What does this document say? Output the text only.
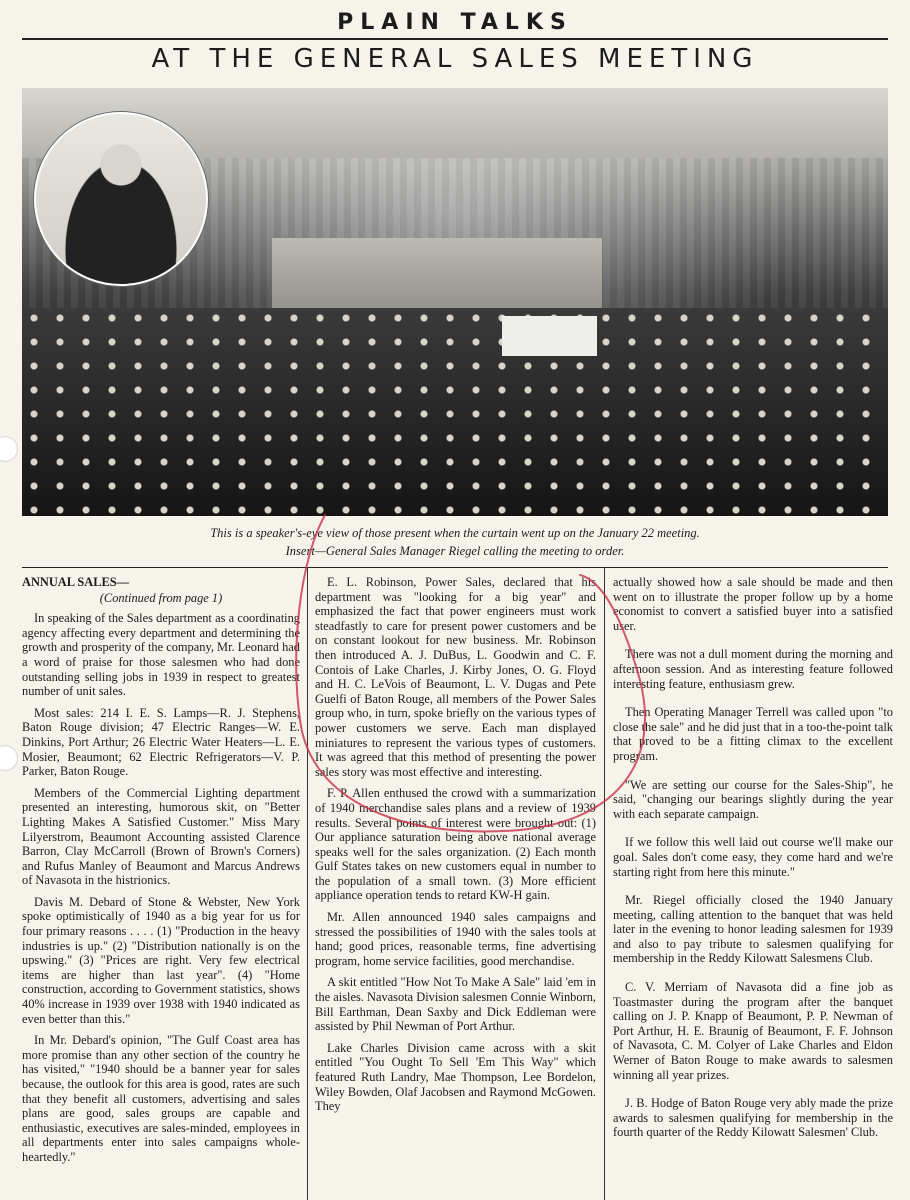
PLAIN TALKS
AT THE GENERAL SALES MEETING
This is a speaker's-eye view of those present when the curtain went up on the January 22 meeting.
Insert—General Sales Manager Riegel calling the meeting to order.

ANNUAL SALES—

(Continued from page 1)

In speaking of the Sales department as a coordinating agency affecting every department and determining the growth and prosperity of the company, Mr. Leonard had a word of praise for those salesmen who had done outstanding selling jobs in 1939 in respect to greatest number of unit sales.

Most sales: 214 I. E. S. Lamps—R. J. Stephens, Baton Rouge division; 47 Electric Ranges—W. E. Dinkins, Port Arthur; 26 Electric Water Heaters—L. E. Mosier, Beaumont; 62 Electric Refrigerators—V. P. Parker, Baton Rouge.

Members of the Commercial Lighting department presented an interesting, humorous skit, on "Better Lighting Makes A Satisfied Customer." Miss Mary Lilyerstrom, Beaumont Accounting assisted Clarence Barron, Clay McCarroll (Brown of Brown's Corners) and Rufus Manley of Beaumont and Marcus Andrews of Navasota in the histrionics.

Davis M. Debard of Stone & Webster, New York spoke optimistically of 1940 as a big year for us for four primary reasons . . . . (1) "Production in the heavy industries is up." (2) "Distribution nationally is on the upswing." (3) "Prices are right. Very few electrical items are higher than last year". (4) "Home construction, according to Government statistics, shows 40% increase in 1939 over 1938 with 1940 indicated as even better than this."

In Mr. Debard's opinion, "The Gulf Coast area has more promise than any other section of the country he has visited," "1940 should be a banner year for sales because, the outlook for this area is good, rates are such that they benefit all customers, advertising and sales plans are good, sales groups are capable and enthusiastic, executives are sales-minded, employees in all departments enter into sales campaigns whole-heartedly."

E. L. Robinson, Power Sales, declared that his department was "looking for a big year" and emphasized the fact that power engineers must work steadfastly to care for present power customers and be on constant lookout for new business. Mr. Robinson then introduced A. J. DuBus, L. Goodwin and C. F. Contois of Lake Charles, J. Kirby Jones, O. G. Floyd and H. C. LeVois of Beaumont, L. V. Dugas and Pete Guelfi of Baton Rouge, all members of the Power Sales group who, in turn, spoke briefly on the various types of power customers we serve. Each man displayed miniatures to represent the various types of customers. It was agreed that this method of presenting the power sales story was most effective and interesting.

F. P. Allen enthused the crowd with a summarization of 1940 merchandise sales plans and a review of 1939 results. Several points of interest were brought out: (1) Our appliance saturation being above national average speaks well for the sales organization. (2) Each month Gulf States takes on new customers equal in number to the population of a small town. (3) More efficient appliance operation tends to retard KW-H gain.

Mr. Allen announced 1940 sales campaigns and stressed the possibilities of 1940 with the sales tools at hand; good prices, reasonable terms, fine advertising program, home service facilities, good merchandise.

A skit entitled "How Not To Make A Sale" laid 'em in the aisles. Navasota Division salesmen Connie Winborn, Bill Earthman, Dean Saxby and Dick Eddleman were assisted by Phil Newman of Port Arthur.

Lake Charles Division came across with a skit entitled "You Ought To Sell 'Em This Way" which featured Ruth Landry, Mae Thompson, Lee Bordelon, Wiley Bowden, Olaf Jacobsen and Raymond McGowen. They

actually showed how a sale should be made and then went on to illustrate the proper follow up by a home economist to convert a satisfied buyer into a satisfied user.

There was not a dull moment during the morning and afternoon session. And as interesting feature followed interesting feature, enthusiasm grew.

Then Operating Manager Terrell was called upon "to close the sale" and he did just that in a too-the-point talk that proved to be a fitting climax to the excellent program.

"We are setting our course for the Sales-Ship", he said, "changing our bearings slightly during the year with each separate campaign.

If we follow this well laid out course we'll make our goal. Sales don't come easy, they come hard and we're starting right from here this minute."

Mr. Riegel officially closed the 1940 January meeting, calling attention to the banquet that was held later in the evening to honor leading salesmen for 1939 and also to pay tribute to salesmen qualifying for membership in the Reddy Kilowatt Salesmens Club.

C. V. Merriam of Navasota did a fine job as Toastmaster during the program after the banquet calling on J. P. Knapp of Beaumont, P. P. Newman of Port Arthur, H. E. Braunig of Beaumont, F. F. Johnson of Navasota, C. M. Colyer of Lake Charles and Eldon Werner of Baton Rouge to make awards to salesmen winning all year prizes.

J. B. Hodge of Baton Rouge very ably made the prize awards to salesmen qualifying for membership in the fourth quarter of the Reddy Kilowatt Salesmen' Club.
